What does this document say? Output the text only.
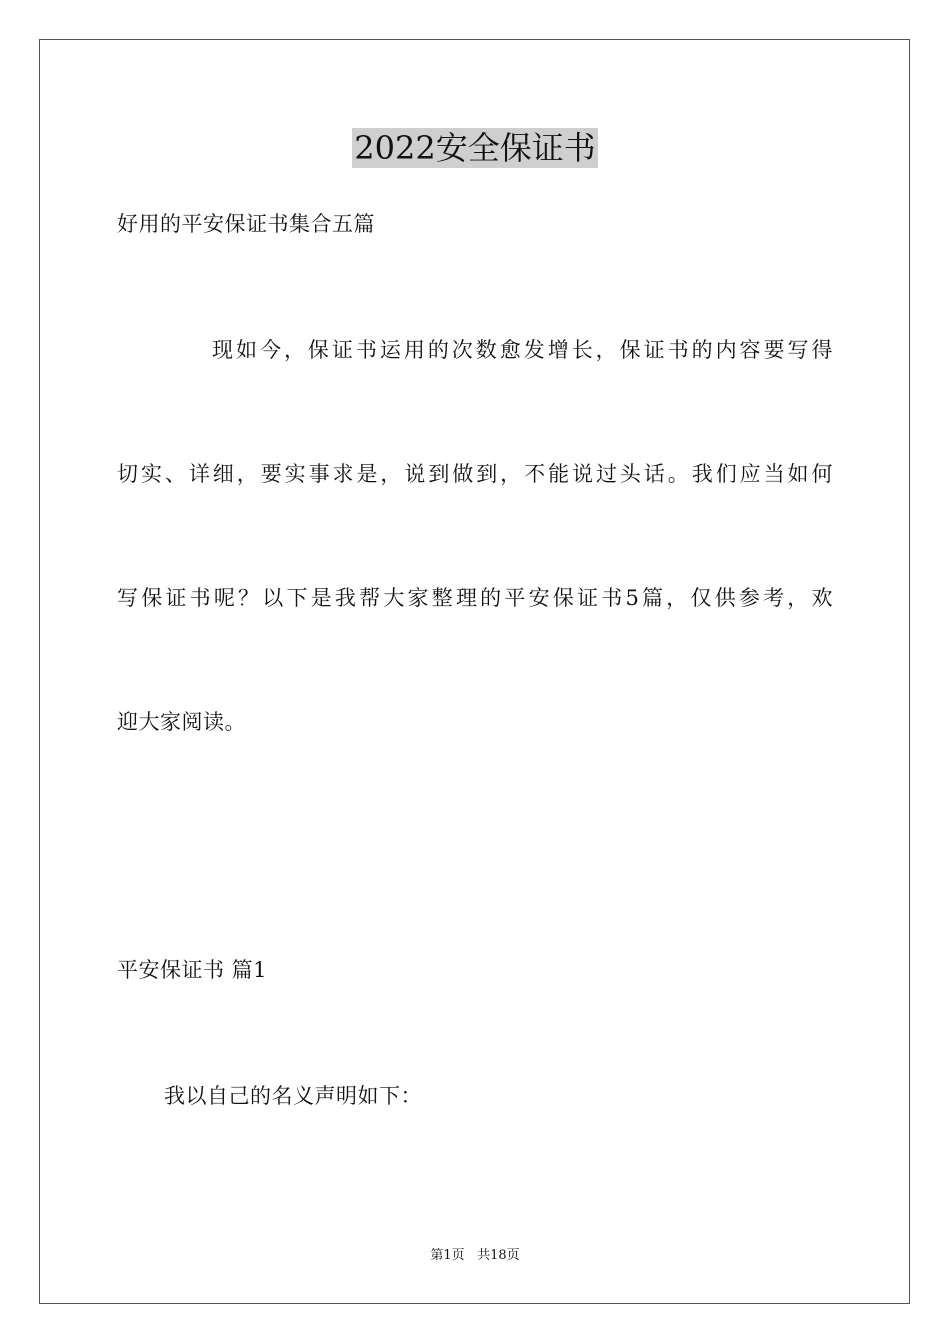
2022安全保证书
好用的平安保证书集合五篇
现如今，保证书运用的次数愈发增长，保证书的内容要写得
切实、详细，要实事求是，说到做到，不能说过头话。我们应当如何
写保证书呢？以下是我帮大家整理的平安保证书5篇，仅供参考，欢
迎大家阅读。
平安保证书 篇1
我以自己的名义声明如下：
第1页 共18页
